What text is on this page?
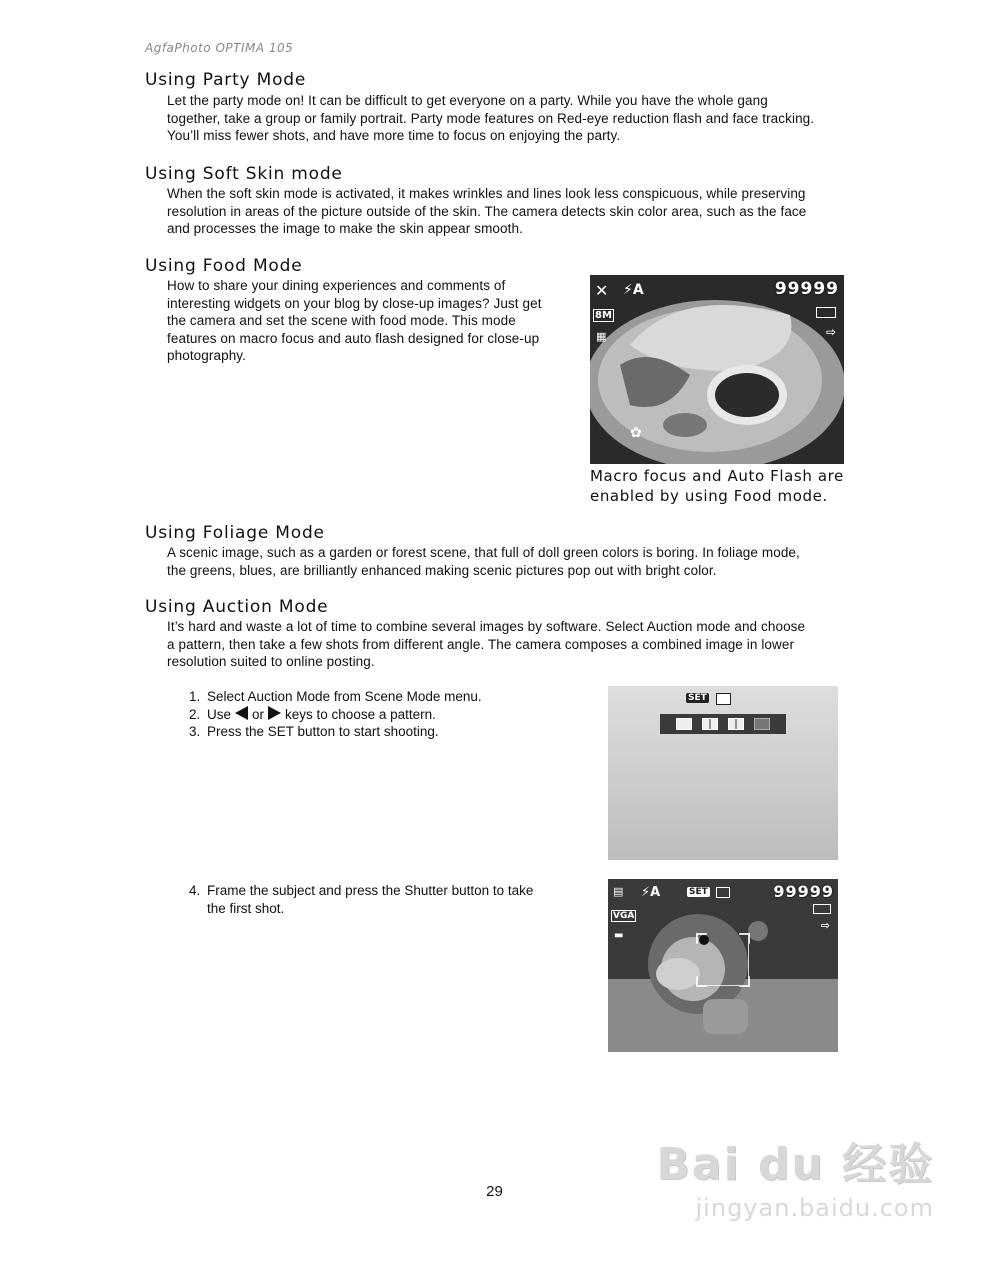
AgfaPhoto OPTIMA 105
Using Party Mode
Let the party mode on! It can be difficult to get everyone on a party. While you have the whole gang
together, take a group or family portrait. Party mode features on Red-eye reduction flash and face tracking.
You’ll miss fewer shots, and have more time to focus on enjoying the party.
Using Soft Skin mode
When the soft skin mode is activated, it makes wrinkles and lines look less conspicuous, while preserving
resolution in areas of the picture outside of the skin. The camera detects skin color area, such as the face
and processes the image to make the skin appear smooth.
Using Food Mode
How to share your dining experiences and comments of
interesting widgets on your blog by close-up images? Just get
the camera and set the scene with food mode. This mode
features on macro focus and auto flash designed for close-up
photography.
✕ ⚡A	99999
⇨
8M
▦
✿
Macro focus and Auto Flash are
enabled by using Food mode.
Using Foliage Mode
A scenic image, such as a garden or forest scene, that full of doll green colors is boring. In foliage mode,
the greens, blues, are brilliantly enhanced making scenic pictures pop out with bright color.
Using Auction Mode
It’s hard and waste a lot of time to combine several images by software. Select Auction mode and choose
a pattern, then take a few shots from different angle. The camera composes a combined image in lower
resolution suited to online posting.
1. Select Auction Mode from Scene Mode menu.
2. Use or keys to choose a pattern.
3. Press the SET button to start shooting.
SET
4. Frame the subject and press the Shutter button to take
the first shot.
▤ ⚡A	SET	99999
⇨
VGA
▬
29
Bai du 经验
jingyan.baidu.com
